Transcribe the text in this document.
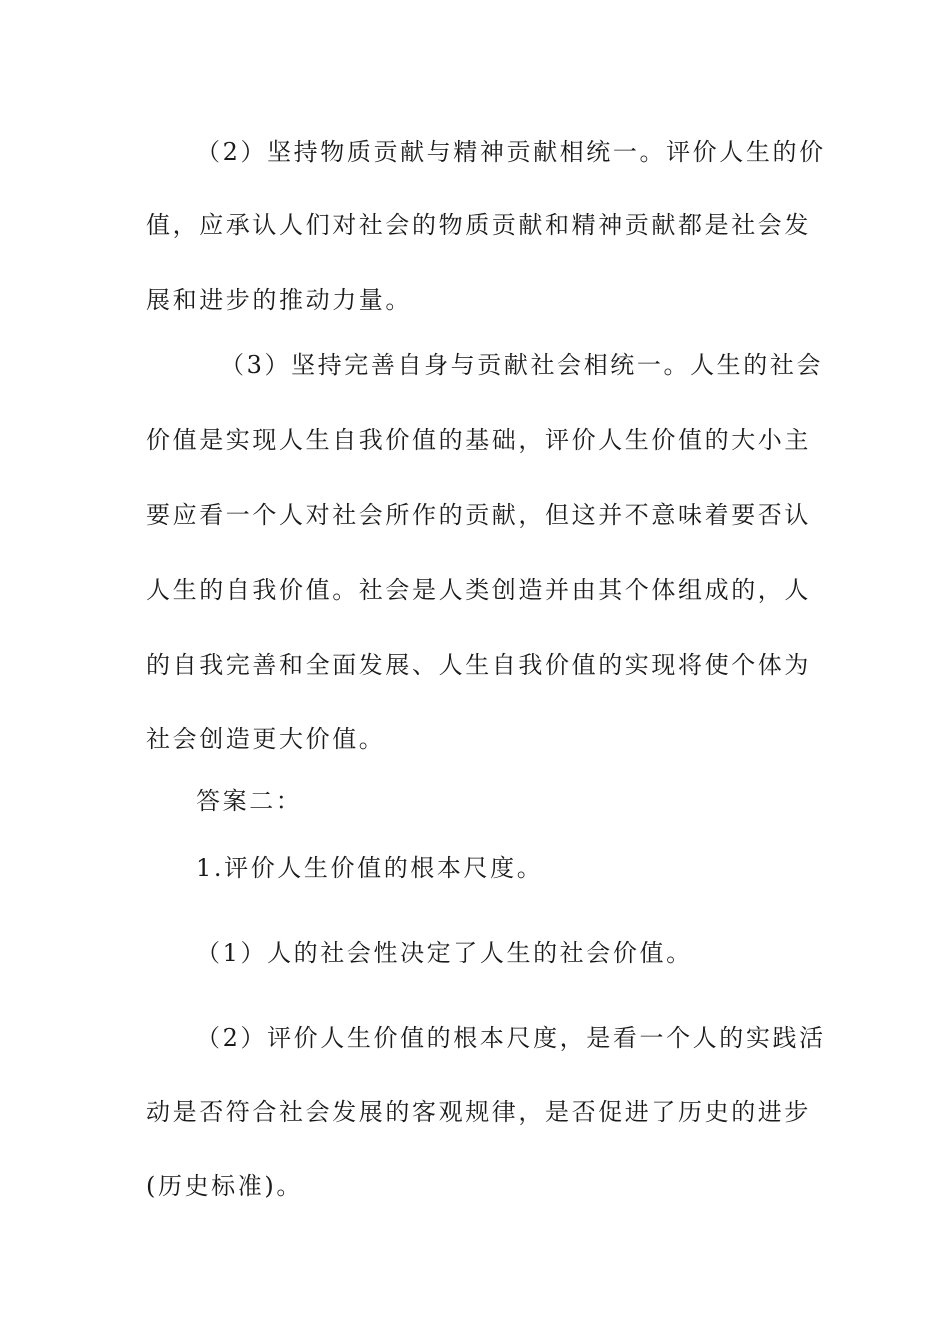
（2）坚持物质贡献与精神贡献相统一。评价人生的价
值，应承认人们对社会的物质贡献和精神贡献都是社会发
展和进步的推动力量。
（3）坚持完善自身与贡献社会相统一。人生的社会
价值是实现人生自我价值的基础，评价人生价值的大小主
要应看一个人对社会所作的贡献，但这并不意味着要否认
人生的自我价值。社会是人类创造并由其个体组成的，人
的自我完善和全面发展、人生自我价值的实现将使个体为
社会创造更大价值。
答案二：
1.评价人生价值的根本尺度。
（1）人的社会性决定了人生的社会价值。
（2）评价人生价值的根本尺度，是看一个人的实践活
动是否符合社会发展的客观规律，是否促进了历史的进步
(历史标准)。
